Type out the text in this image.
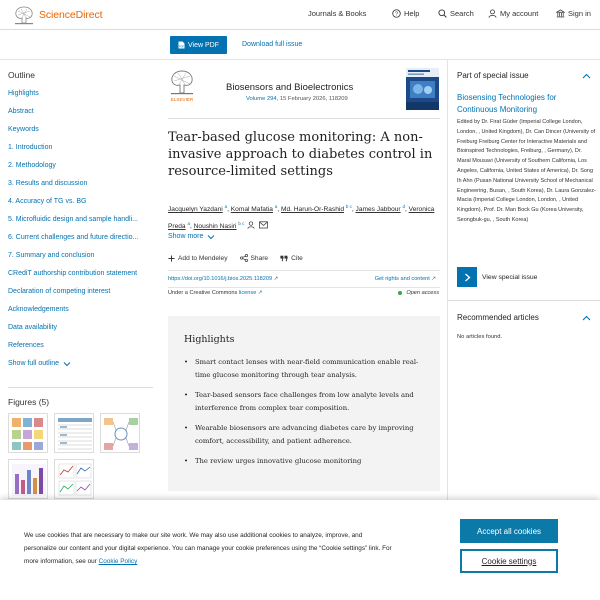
ScienceDirect	Journals & Books	? Help	Search	My account	Sign in
PDF View PDF	Download full issue
Outline
Highlights
Abstract
Keywords
1. Introduction
2. Methodology
3. Results and discussion
4. Accuracy of TG vs. BG
5. Microfluidic design and sample handli...
6. Current challenges and future directio...
7. Summary and conclusion
CRediT authorship contribution statement
Declaration of competing interest
Acknowledgements
Data availability
References
Show full outline
Figures (5)
ELSEVIER
Biosensors and Bioelectronics
Volume 294, 15 February 2026, 118209
Tear-based glucose monitoring: A non-invasive approach to diabetes control in resource-limited settings
Jacquelyn Yazdani $^a$, Komal Mafatia $^a$, Md. Harun-Or-Rashid $^{b c}$, James Jabbour $^d$, Veronica Preda $^a$, Noushin Nasiri $^{b c}$
Show more
Add to Mendeley	Share	Cite
https://doi.org/10.1016/j.bios.2025.118209 ↗	Get rights and content ↗
Under a Creative Commons license ↗	Open access
Highlights
• Smart contact lenses with near-field communication enable real-time glucose monitoring through tear analysis.
• Tear-based sensors face challenges from low analyte levels and interference from complex tear composition.
• Wearable biosensors are advancing diabetes care by improving comfort, accessibility, and patient adherence.
• The review urges innovative glucose monitoring
Part of special issue
Biosensing Technologies for Continuous Monitoring
Edited by Dr. Firat Güder (Imperial College London, London, , United Kingdom), Dr. Can Dincer (University of Freiburg Freiburg Center for Interactive Materials and Bioinspired Technologies, Freiburg, , Germany), Dr. Maral Mousavi (University of Southern California, Los Angeles, California, United States of America), Dr. Song Ih Ahn (Pusan National University School of Mechanical Engineering, Busan, , South Korea), Dr. Laura Gonzalez-Macia (Imperial College London, London, , United Kingdom), Prof. Dr. Man Bock Gu (Korea University, Seongbuk-gu, , South Korea)
View special issue
Recommended articles
No articles found.

We use cookies that are necessary to make our site work. We may also use additional cookies to analyze, improve, and personalize our content and your digital experience. You can manage your cookie preferences using the “Cookie settings” link. For more information, see our Cookie Policy

Accept all cookies
Cookie settings
